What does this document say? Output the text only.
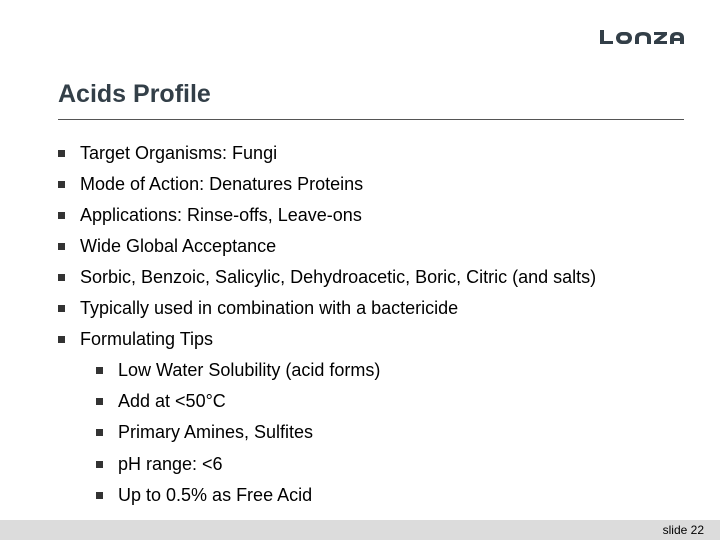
Acids Profile
Target Organisms: Fungi
Mode of Action: Denatures Proteins
Applications: Rinse-offs, Leave-ons
Wide Global Acceptance
Sorbic, Benzoic, Salicylic, Dehydroacetic, Boric, Citric (and salts)
Typically used in combination with a bactericide
Formulating Tips
Low Water Solubility (acid forms)
Add at <50°C
Primary Amines, Sulfites
pH range: <6
Up to 0.5% as Free Acid
slide 22
